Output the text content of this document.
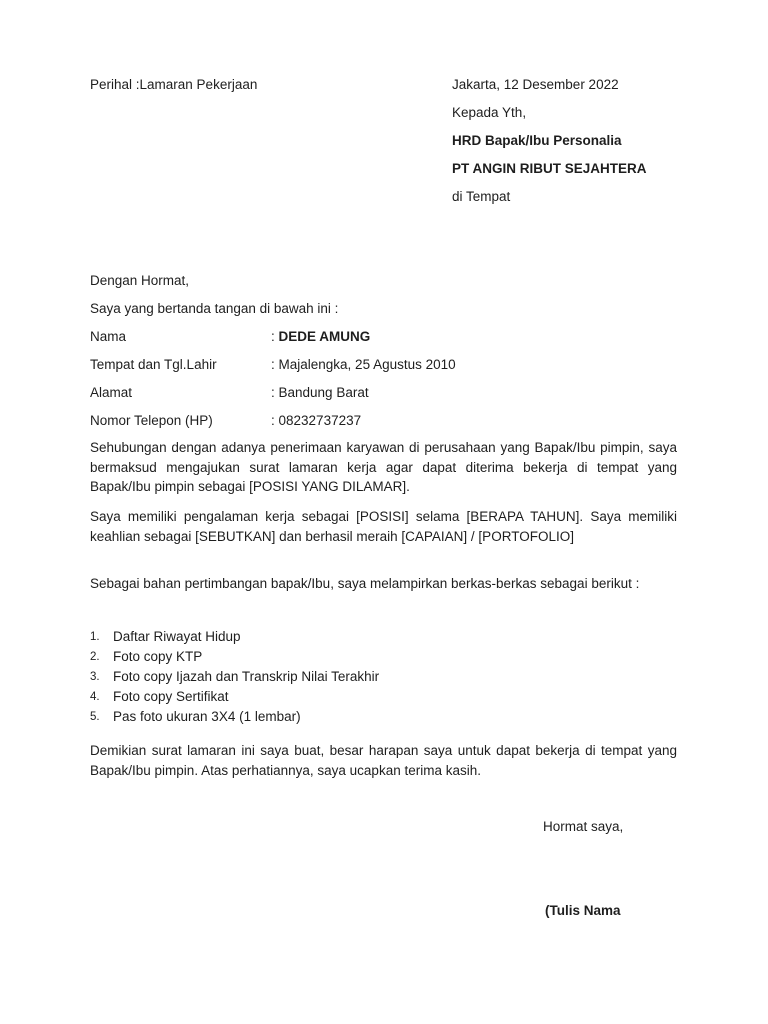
Perihal :Lamaran Pekerjaan	Jakarta, 12 Desember 2022
Kepada Yth,
HRD Bapak/Ibu Personalia
PT ANGIN RIBUT SEJAHTERA
di Tempat
Dengan Hormat,
Saya yang bertanda tangan di bawah ini :
Nama	: DEDE AMUNG
Tempat dan Tgl.Lahir	: Majalengka, 25 Agustus 2010
Alamat	: Bandung Barat
Nomor Telepon (HP)	: 08232737237

Sehubungan dengan adanya penerimaan karyawan di perusahaan yang Bapak/Ibu pimpin, saya bermaksud mengajukan surat lamaran kerja agar dapat diterima bekerja di tempat yang Bapak/Ibu pimpin sebagai [POSISI YANG DILAMAR].

Saya memiliki pengalaman kerja sebagai [POSISI] selama [BERAPA TAHUN]. Saya memiliki keahlian sebagai [SEBUTKAN] dan berhasil meraih [CAPAIAN] / [PORTOFOLIO]

Sebagai bahan pertimbangan bapak/Ibu, saya melampirkan berkas-berkas sebagai berikut :

1. Daftar Riwayat Hidup
2. Foto copy KTP
3. Foto copy Ijazah dan Transkrip Nilai Terakhir
4. Foto copy Sertifikat
5. Pas foto ukuran 3X4 (1 lembar)

Demikian surat lamaran ini saya buat, besar harapan saya untuk dapat bekerja di tempat yang Bapak/Ibu pimpin. Atas perhatiannya, saya ucapkan terima kasih.

Hormat saya,
(Tulis Nama
